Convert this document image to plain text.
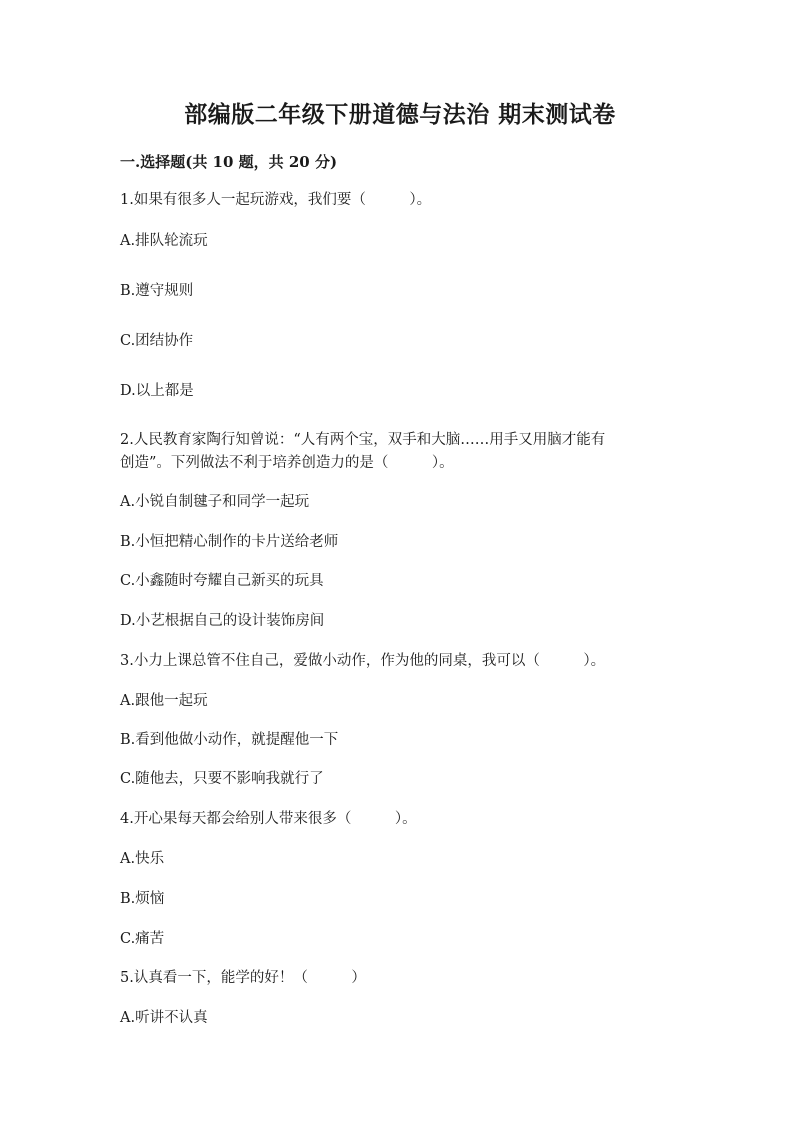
部编版二年级下册道德与法治 期末测试卷
一.选择题(共 10 题，共 20 分)
1.如果有很多人一起玩游戏，我们要（　　　）。
A.排队轮流玩
B.遵守规则
C.团结协作
D.以上都是
2.人民教育家陶行知曾说：“人有两个宝，双手和大脑……用手又用脑才能有
创造”。下列做法不利于培养创造力的是（　　　）。
A.小锐自制毽子和同学一起玩
B.小恒把精心制作的卡片送给老师
C.小鑫随时夸耀自己新买的玩具
D.小艺根据自己的设计装饰房间
3.小力上课总管不住自己，爱做小动作，作为他的同桌，我可以（　　　）。
A.跟他一起玩
B.看到他做小动作，就提醒他一下
C.随他去，只要不影响我就行了
4.开心果每天都会给别人带来很多（　　　）。
A.快乐
B.烦恼
C.痛苦
5.认真看一下，能学的好！（　　　）
A.听讲不认真
